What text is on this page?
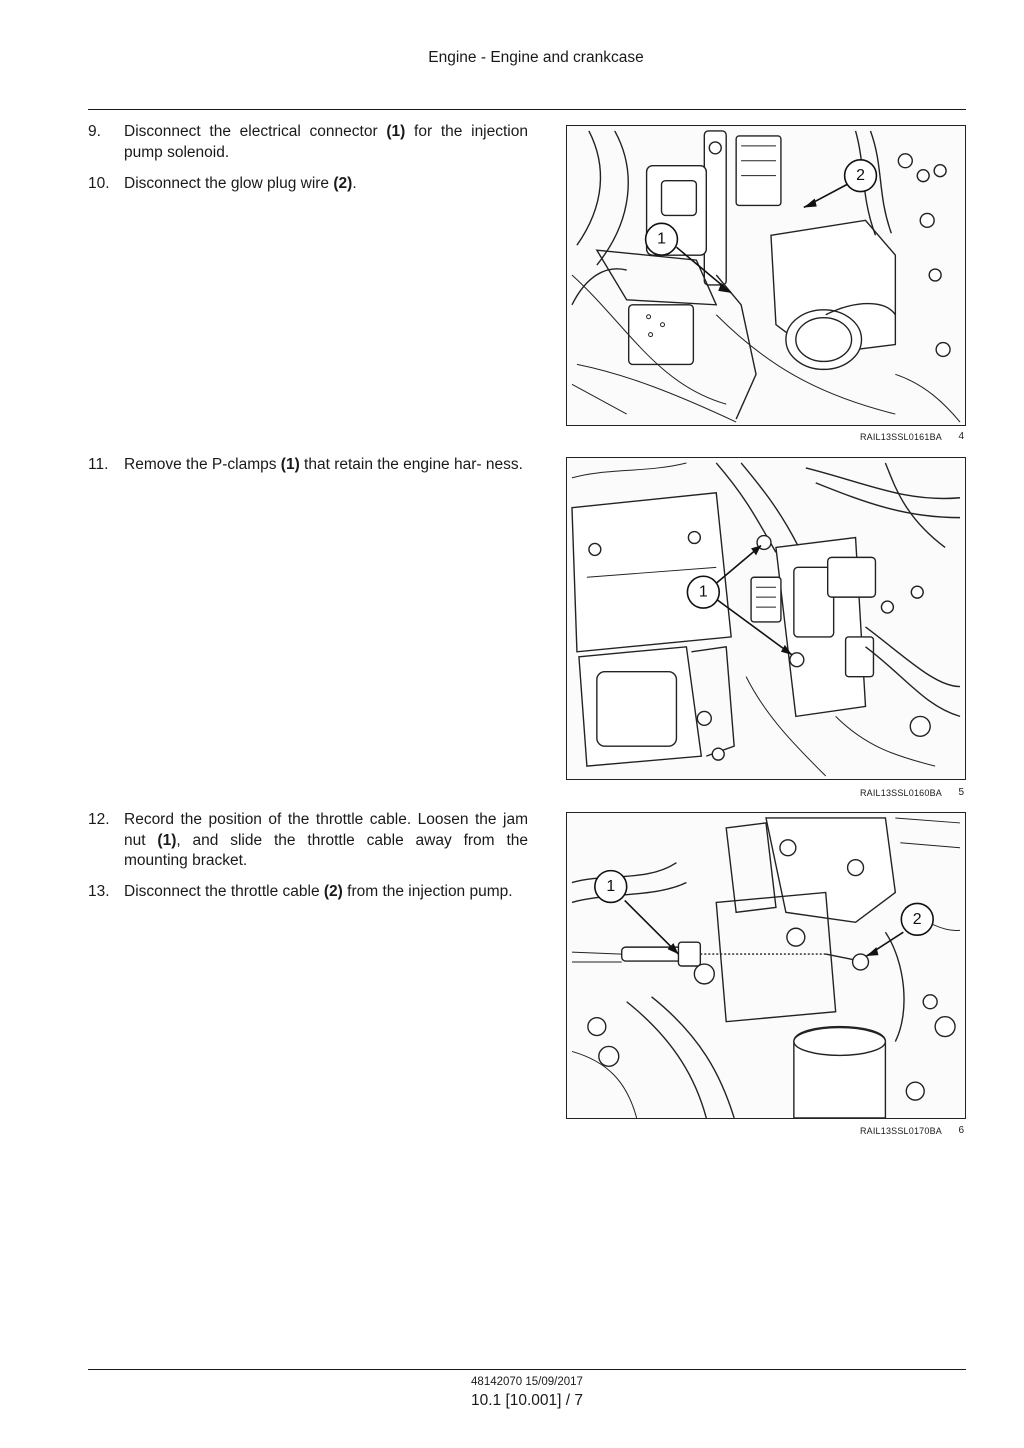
Engine - Engine and crankcase
9.	Disconnect the electrical connector (1) for the injection pump solenoid.
10. Disconnect the glow plug wire (2).
1
2
RAIL13SSL0161BA 4
11.	Remove the P-clamps (1) that retain the engine har- ness.
1
RAIL13SSL0160BA 5
12. Record the position of the throttle cable. Loosen the jam nut (1), and slide the throttle cable away from the mounting bracket.
13. Disconnect the throttle cable (2) from the injection pump.	1
2
RAIL13SSL0170BA 6
48142070 15/09/2017
10.1 [10.001] / 7
